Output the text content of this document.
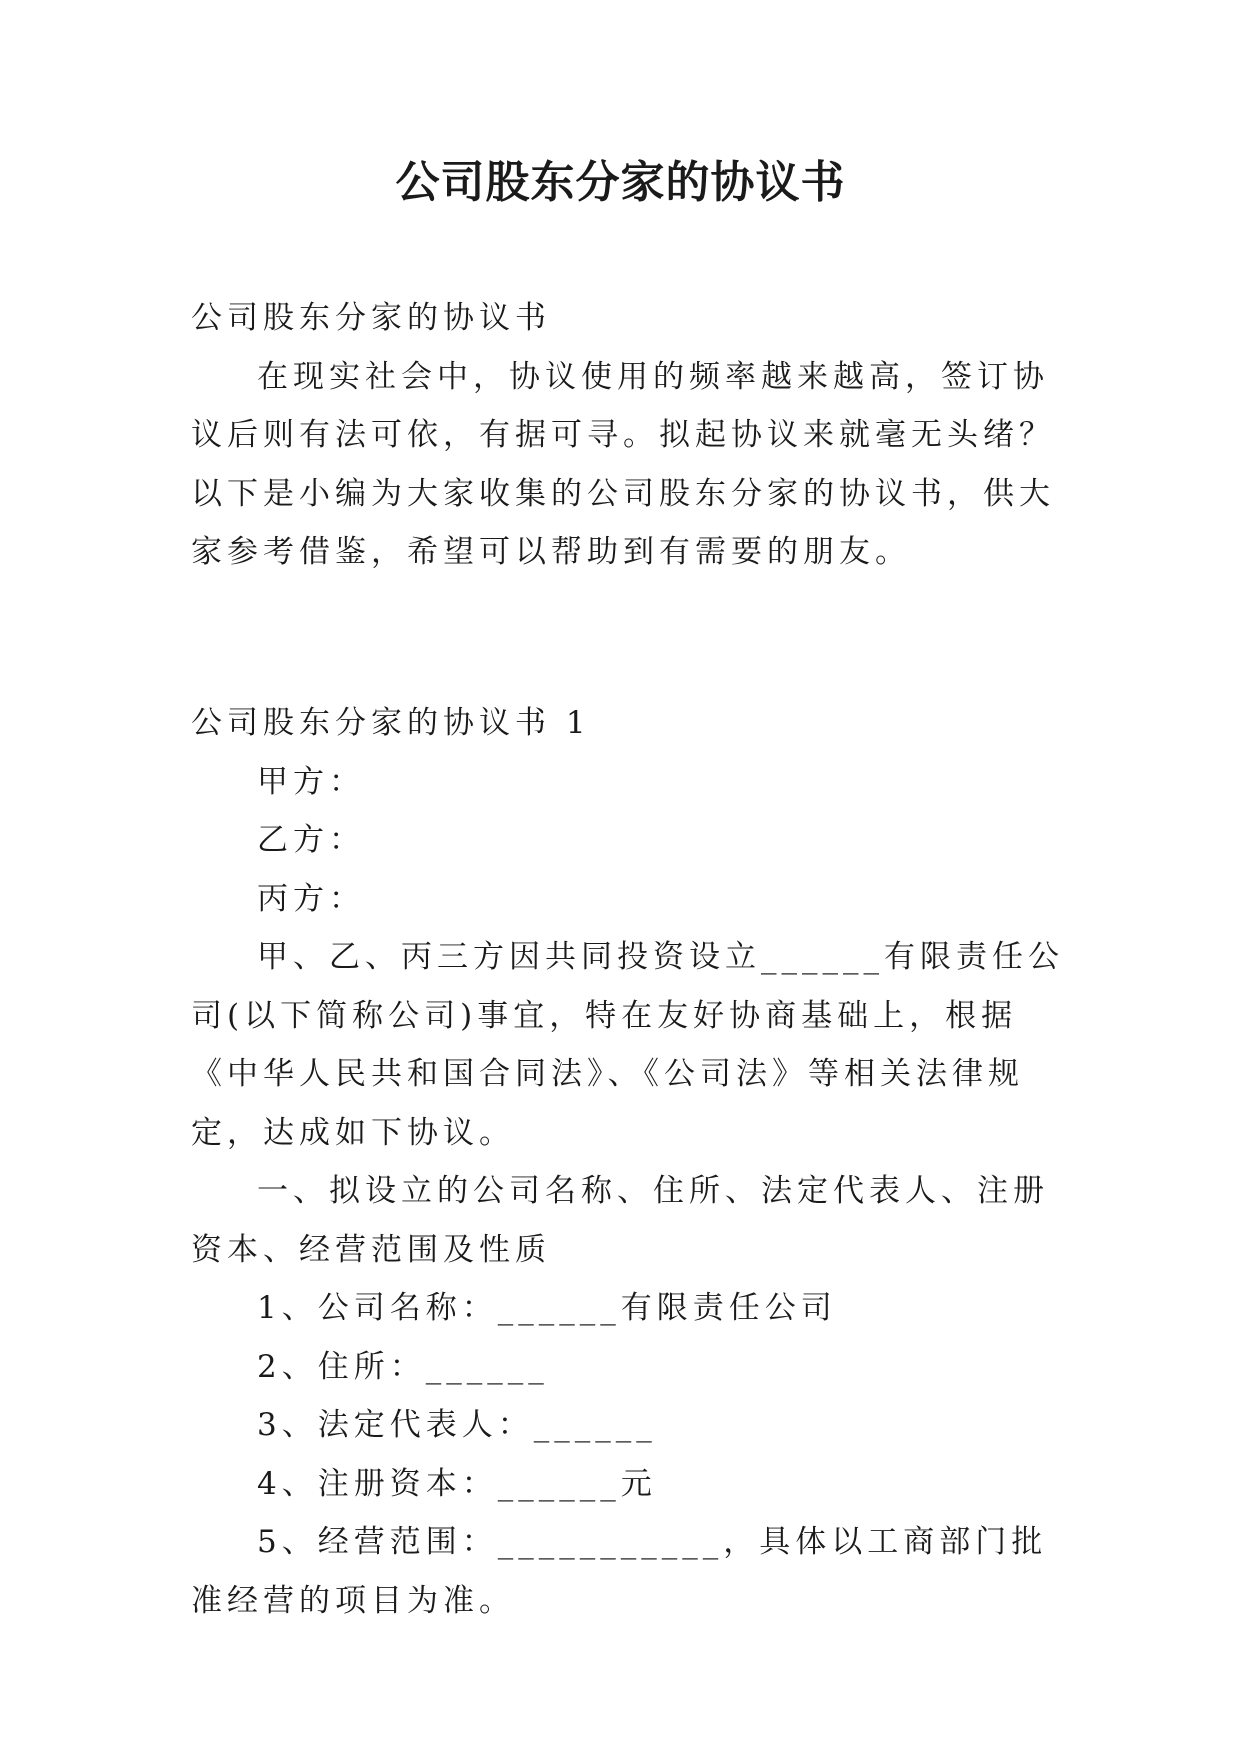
公司股东分家的协议书

公司股东分家的协议书

在现实社会中，协议使用的频率越来越高，签订协议后则有法可依，有据可寻。拟起协议来就毫无头绪？以下是小编为大家收集的公司股东分家的协议书，供大家参考借鉴，希望可以帮助到有需要的朋友。

公司股东分家的协议书 1

甲方：

乙方：

丙方：

甲、乙、丙三方因共同投资设立______有限责任公司(以下简称公司)事宜，特在友好协商基础上，根据《中华人民共和国合同法》、《公司法》等相关法律规定，达成如下协议。

一、拟设立的公司名称、住所、法定代表人、注册资本、经营范围及性质

1、公司名称：______有限责任公司

2、住所：______

3、法定代表人：______

4、注册资本：______元

5、经营范围：___________，具体以工商部门批准经营的项目为准。
